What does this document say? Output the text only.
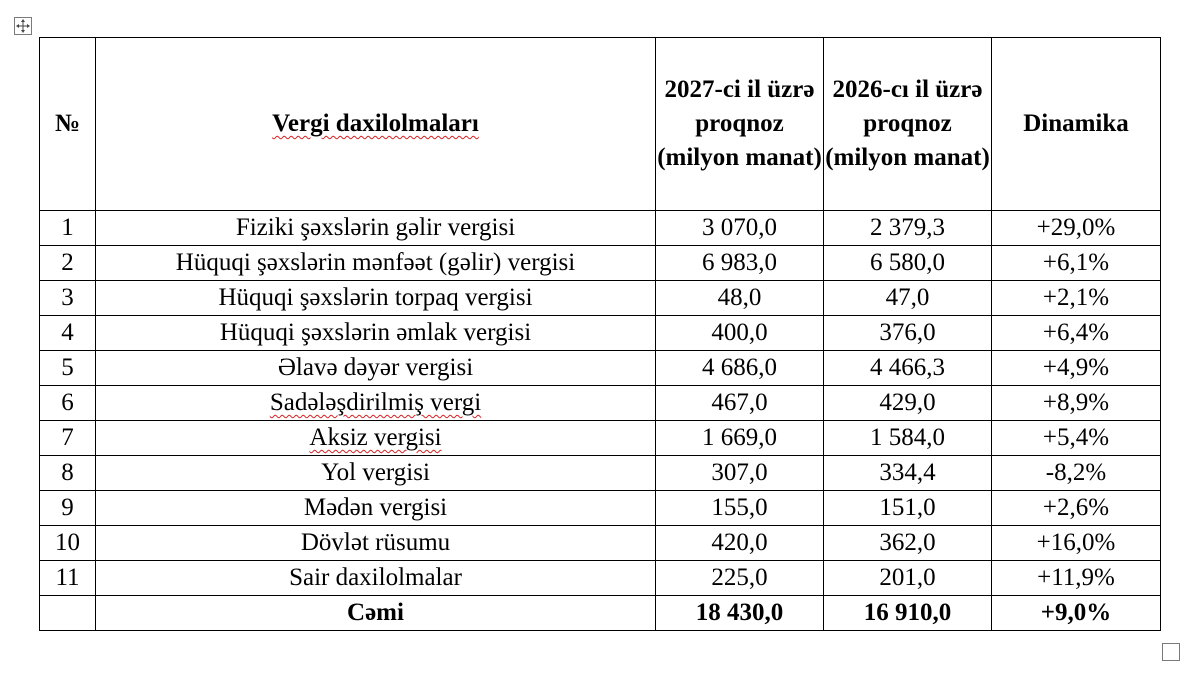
№	Vergi daxilolmaları	2027-ci il üzrə proqnoz (milyon manat)	2026-cı il üzrə proqnoz (milyon manat)	Dinamika
1	Fiziki şəxslərin gəlir vergisi	3 070,0	2 379,3	+29,0%
2	Hüquqi şəxslərin mənfəət (gəlir) vergisi	6 983,0	6 580,0	+6,1%
3	Hüquqi şəxslərin torpaq vergisi	48,0	47,0	+2,1%
4	Hüquqi şəxslərin əmlak vergisi	400,0	376,0	+6,4%
5	Əlavə dəyər vergisi	4 686,0	4 466,3	+4,9%
6	Sadələşdirilmiş vergi	467,0	429,0	+8,9%
7	Aksiz vergisi	1 669,0	1 584,0	+5,4%
8	Yol vergisi	307,0	334,4	-8,2%
9	Mədən vergisi	155,0	151,0	+2,6%
10	Dövlət rüsumu	420,0	362,0	+16,0%
11	Sair daxilolmalar	225,0	201,0	+11,9%
	Cəmi	18 430,0	16 910,0	+9,0%
